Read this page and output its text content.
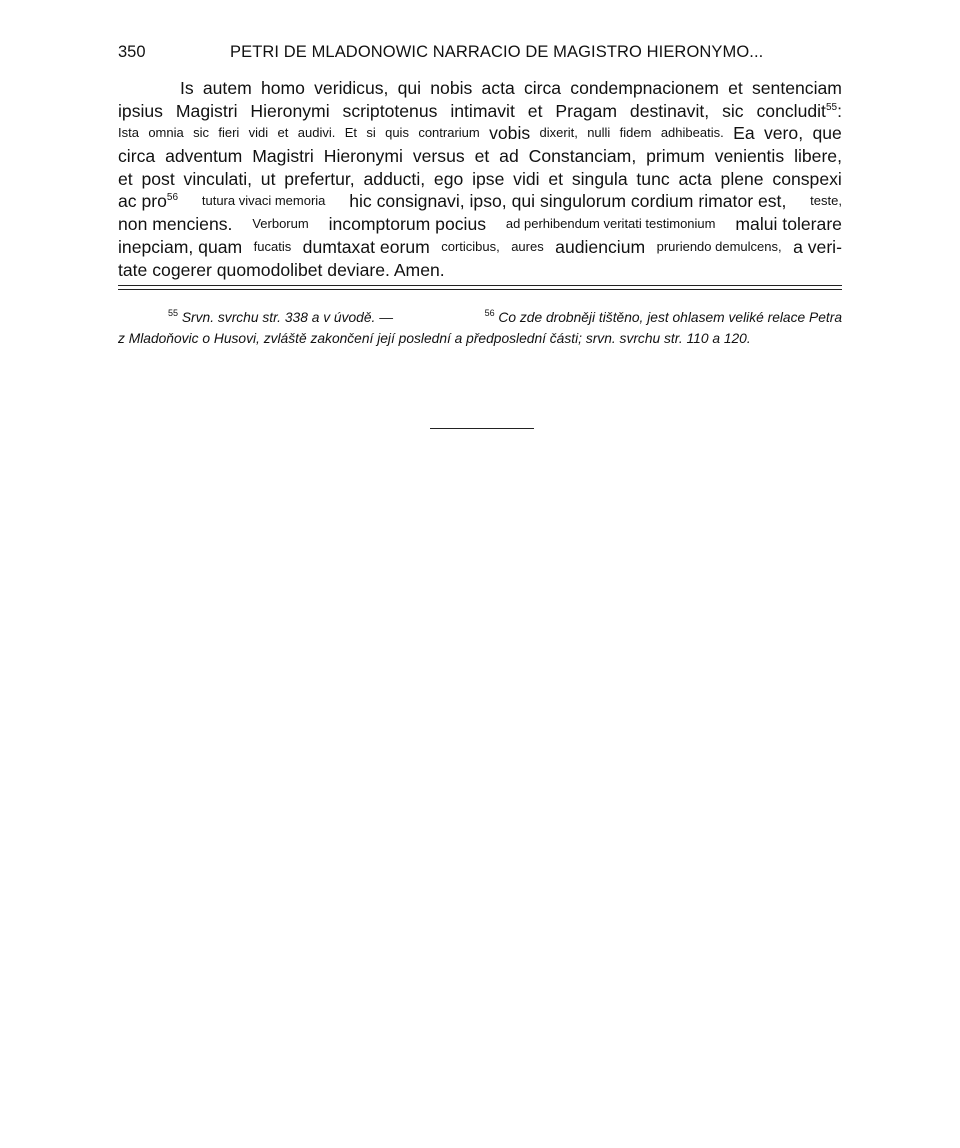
350	PETRI DE MLADONOWIC NARRACIO DE MAGISTRO HIERONYMO...
Is autem homo veridicus, qui nobis acta circa condempnacionem et sentenciam
ipsius Magistri Hieronymi scriptotenus intimavit et Pragam destinavit, sic concludit55:
Ista omnia sic fieri vidi et audivi. Et si quis contrarium vobis dixerit, nulli fidem adhibeatis. Ea vero, que
circa adventum Magistri Hieronymi versus et ad Constanciam, primum venientis libere,
et post vinculati, ut prefertur, adducti, ego ipse vidi et singula tunc acta plene conspexi
ac pro56 tutura vivaci memoria hic consignavi, ipso, qui singulorum cordium rimator est, teste,
non menciens. Verborum incomptorum pocius ad perhibendum veritati testimonium malui tolerare
inepciam, quam fucatis dumtaxat eorum corticibus, aures audiencium pruriendo demulcens, a veri-
tate cogerer quomodolibet deviare. Amen.
$^{55}$ Srvn. svrchu str. 338 a v úvodě. —	$^{56}$ Co zde drobněji tištěno, jest ohlasem veliké relace Petra
z Mladoňovic o Husovi, zvláště zakončení její poslední a předposlední části; srvn. svrchu str. 110 a 120.
